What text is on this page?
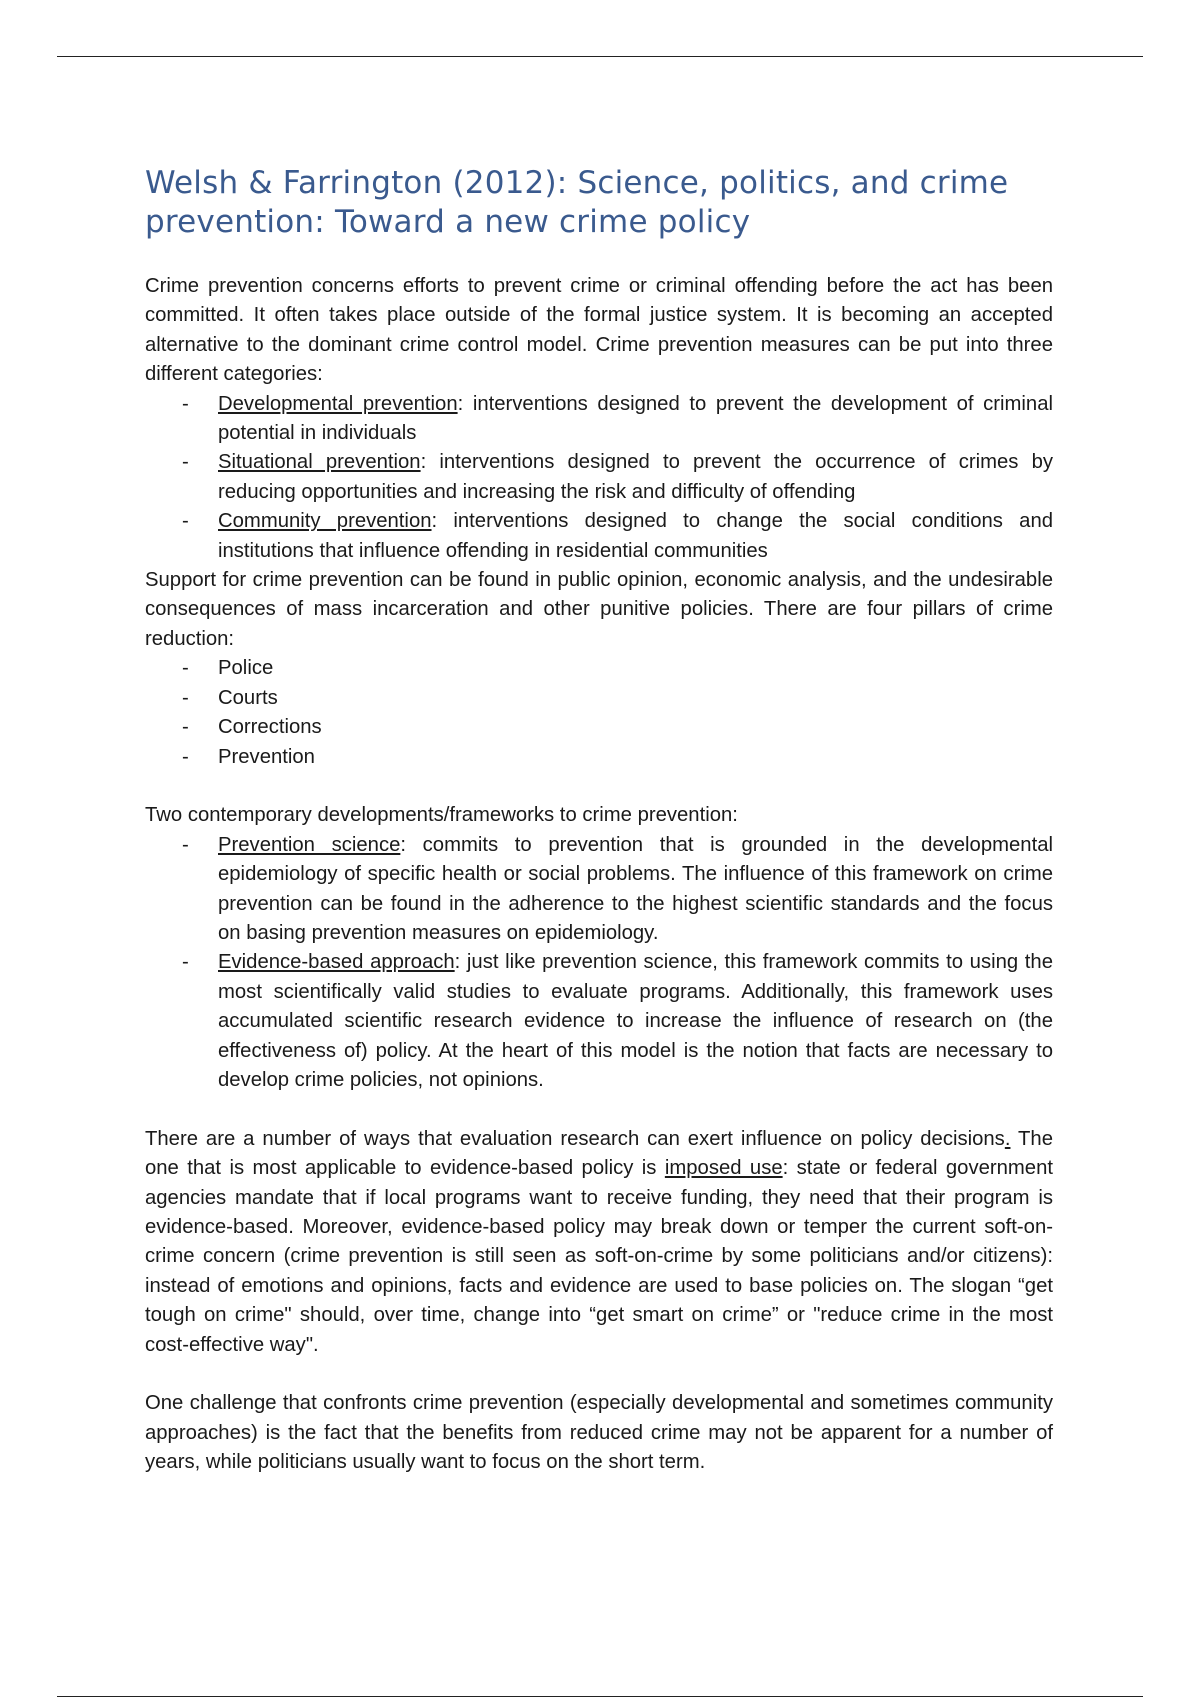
Welsh & Farrington (2012): Science, politics, and crime prevention: Toward a new crime policy

Crime prevention concerns efforts to prevent crime or criminal offending before the act has been committed. It often takes place outside of the formal justice system. It is becoming an accepted alternative to the dominant crime control model. Crime prevention measures can be put into three different categories:

- Developmental prevention: interventions designed to prevent the development of criminal potential in individuals
- Situational prevention: interventions designed to prevent the occurrence of crimes by reducing opportunities and increasing the risk and difficulty of offending
- Community prevention: interventions designed to change the social conditions and institutions that influence offending in residential communities

Support for crime prevention can be found in public opinion, economic analysis, and the undesirable consequences of mass incarceration and other punitive policies. There are four pillars of crime reduction:

- Police
- Courts
- Corrections
- Prevention

Two contemporary developments/frameworks to crime prevention:

- Prevention science: commits to prevention that is grounded in the developmental epidemiology of specific health or social problems. The influence of this framework on crime prevention can be found in the adherence to the highest scientific standards and the focus on basing prevention measures on epidemiology.
- Evidence-based approach: just like prevention science, this framework commits to using the most scientifically valid studies to evaluate programs. Additionally, this framework uses accumulated scientific research evidence to increase the influence of research on (the effectiveness of) policy. At the heart of this model is the notion that facts are necessary to develop crime policies, not opinions.

There are a number of ways that evaluation research can exert influence on policy decisions. The one that is most applicable to evidence-based policy is imposed use: state or federal government agencies mandate that if local programs want to receive funding, they need that their program is evidence-based. Moreover, evidence-based policy may break down or temper the current soft-on-crime concern (crime prevention is still seen as soft-on-crime by some politicians and/or citizens): instead of emotions and opinions, facts and evidence are used to base policies on. The slogan “get tough on crime" should, over time, change into “get smart on crime” or "reduce crime in the most cost-effective way".

One challenge that confronts crime prevention (especially developmental and sometimes community approaches) is the fact that the benefits from reduced crime may not be apparent for a number of years, while politicians usually want to focus on the short term.
